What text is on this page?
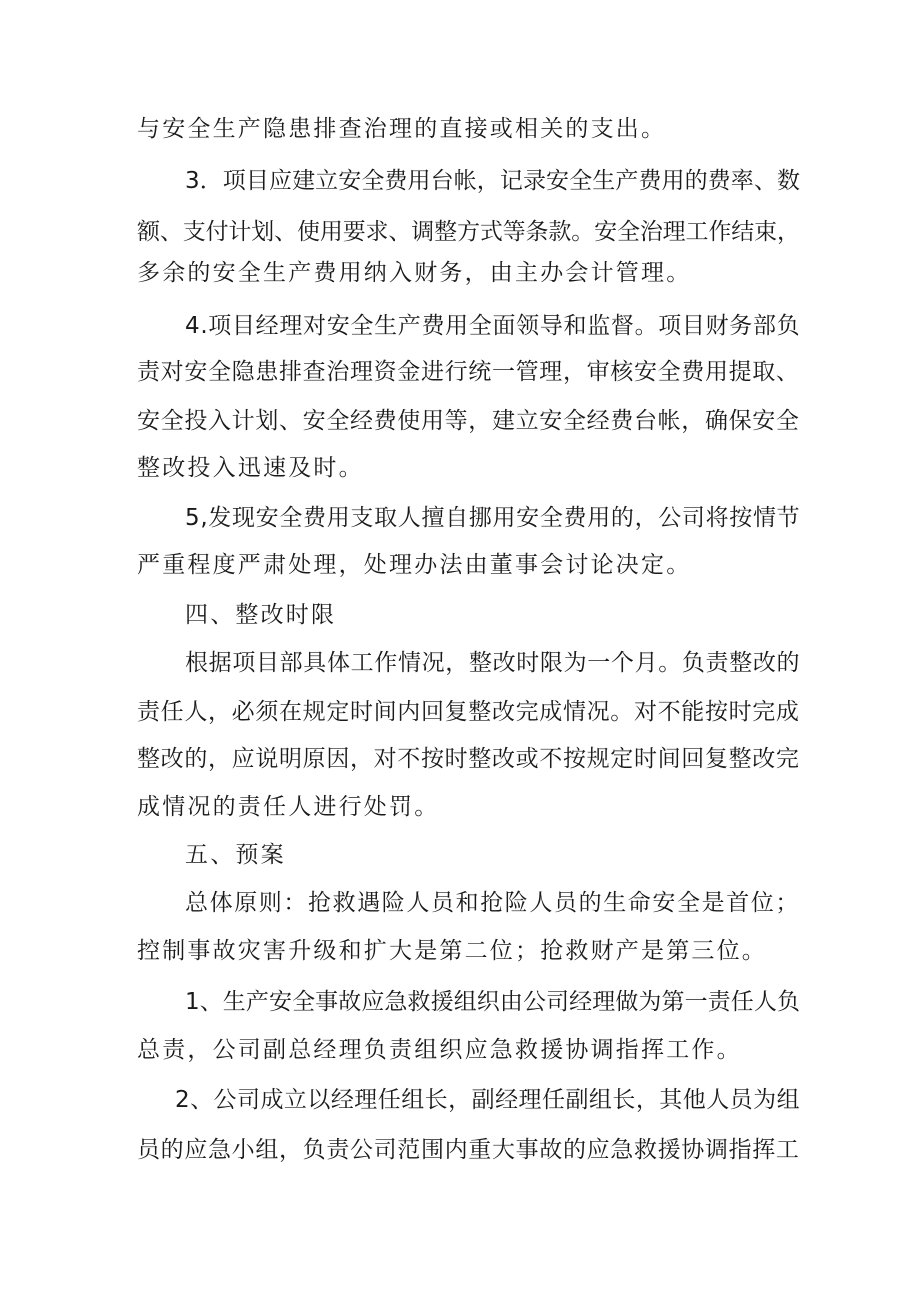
与安全生产隐患排查治理的直接或相关的支出。
3．项目应建立安全费用台帐，记录安全生产费用的费率、数
额、支付计划、使用要求、调整方式等条款。安全治理工作结束，
多余的安全生产费用纳入财务，由主办会计管理。
4.项目经理对安全生产费用全面领导和监督。项目财务部负
责对安全隐患排查治理资金进行统一管理，审核安全费用提取、
安全投入计划、安全经费使用等，建立安全经费台帐，确保安全
整改投入迅速及时。
5,发现安全费用支取人擅自挪用安全费用的，公司将按情节
严重程度严肃处理，处理办法由董事会讨论决定。
四、整改时限
根据项目部具体工作情况，整改时限为一个月。负责整改的
责任人，必须在规定时间内回复整改完成情况。对不能按时完成
整改的，应说明原因，对不按时整改或不按规定时间回复整改完
成情况的责任人进行处罚。
五、预案
总体原则：抢救遇险人员和抢险人员的生命安全是首位；
控制事故灾害升级和扩大是第二位；抢救财产是第三位。
1、生产安全事故应急救援组织由公司经理做为第一责任人负
总责，公司副总经理负责组织应急救援协调指挥工作。
2、公司成立以经理任组长，副经理任副组长，其他人员为组
员的应急小组，负责公司范围内重大事故的应急救援协调指挥工
